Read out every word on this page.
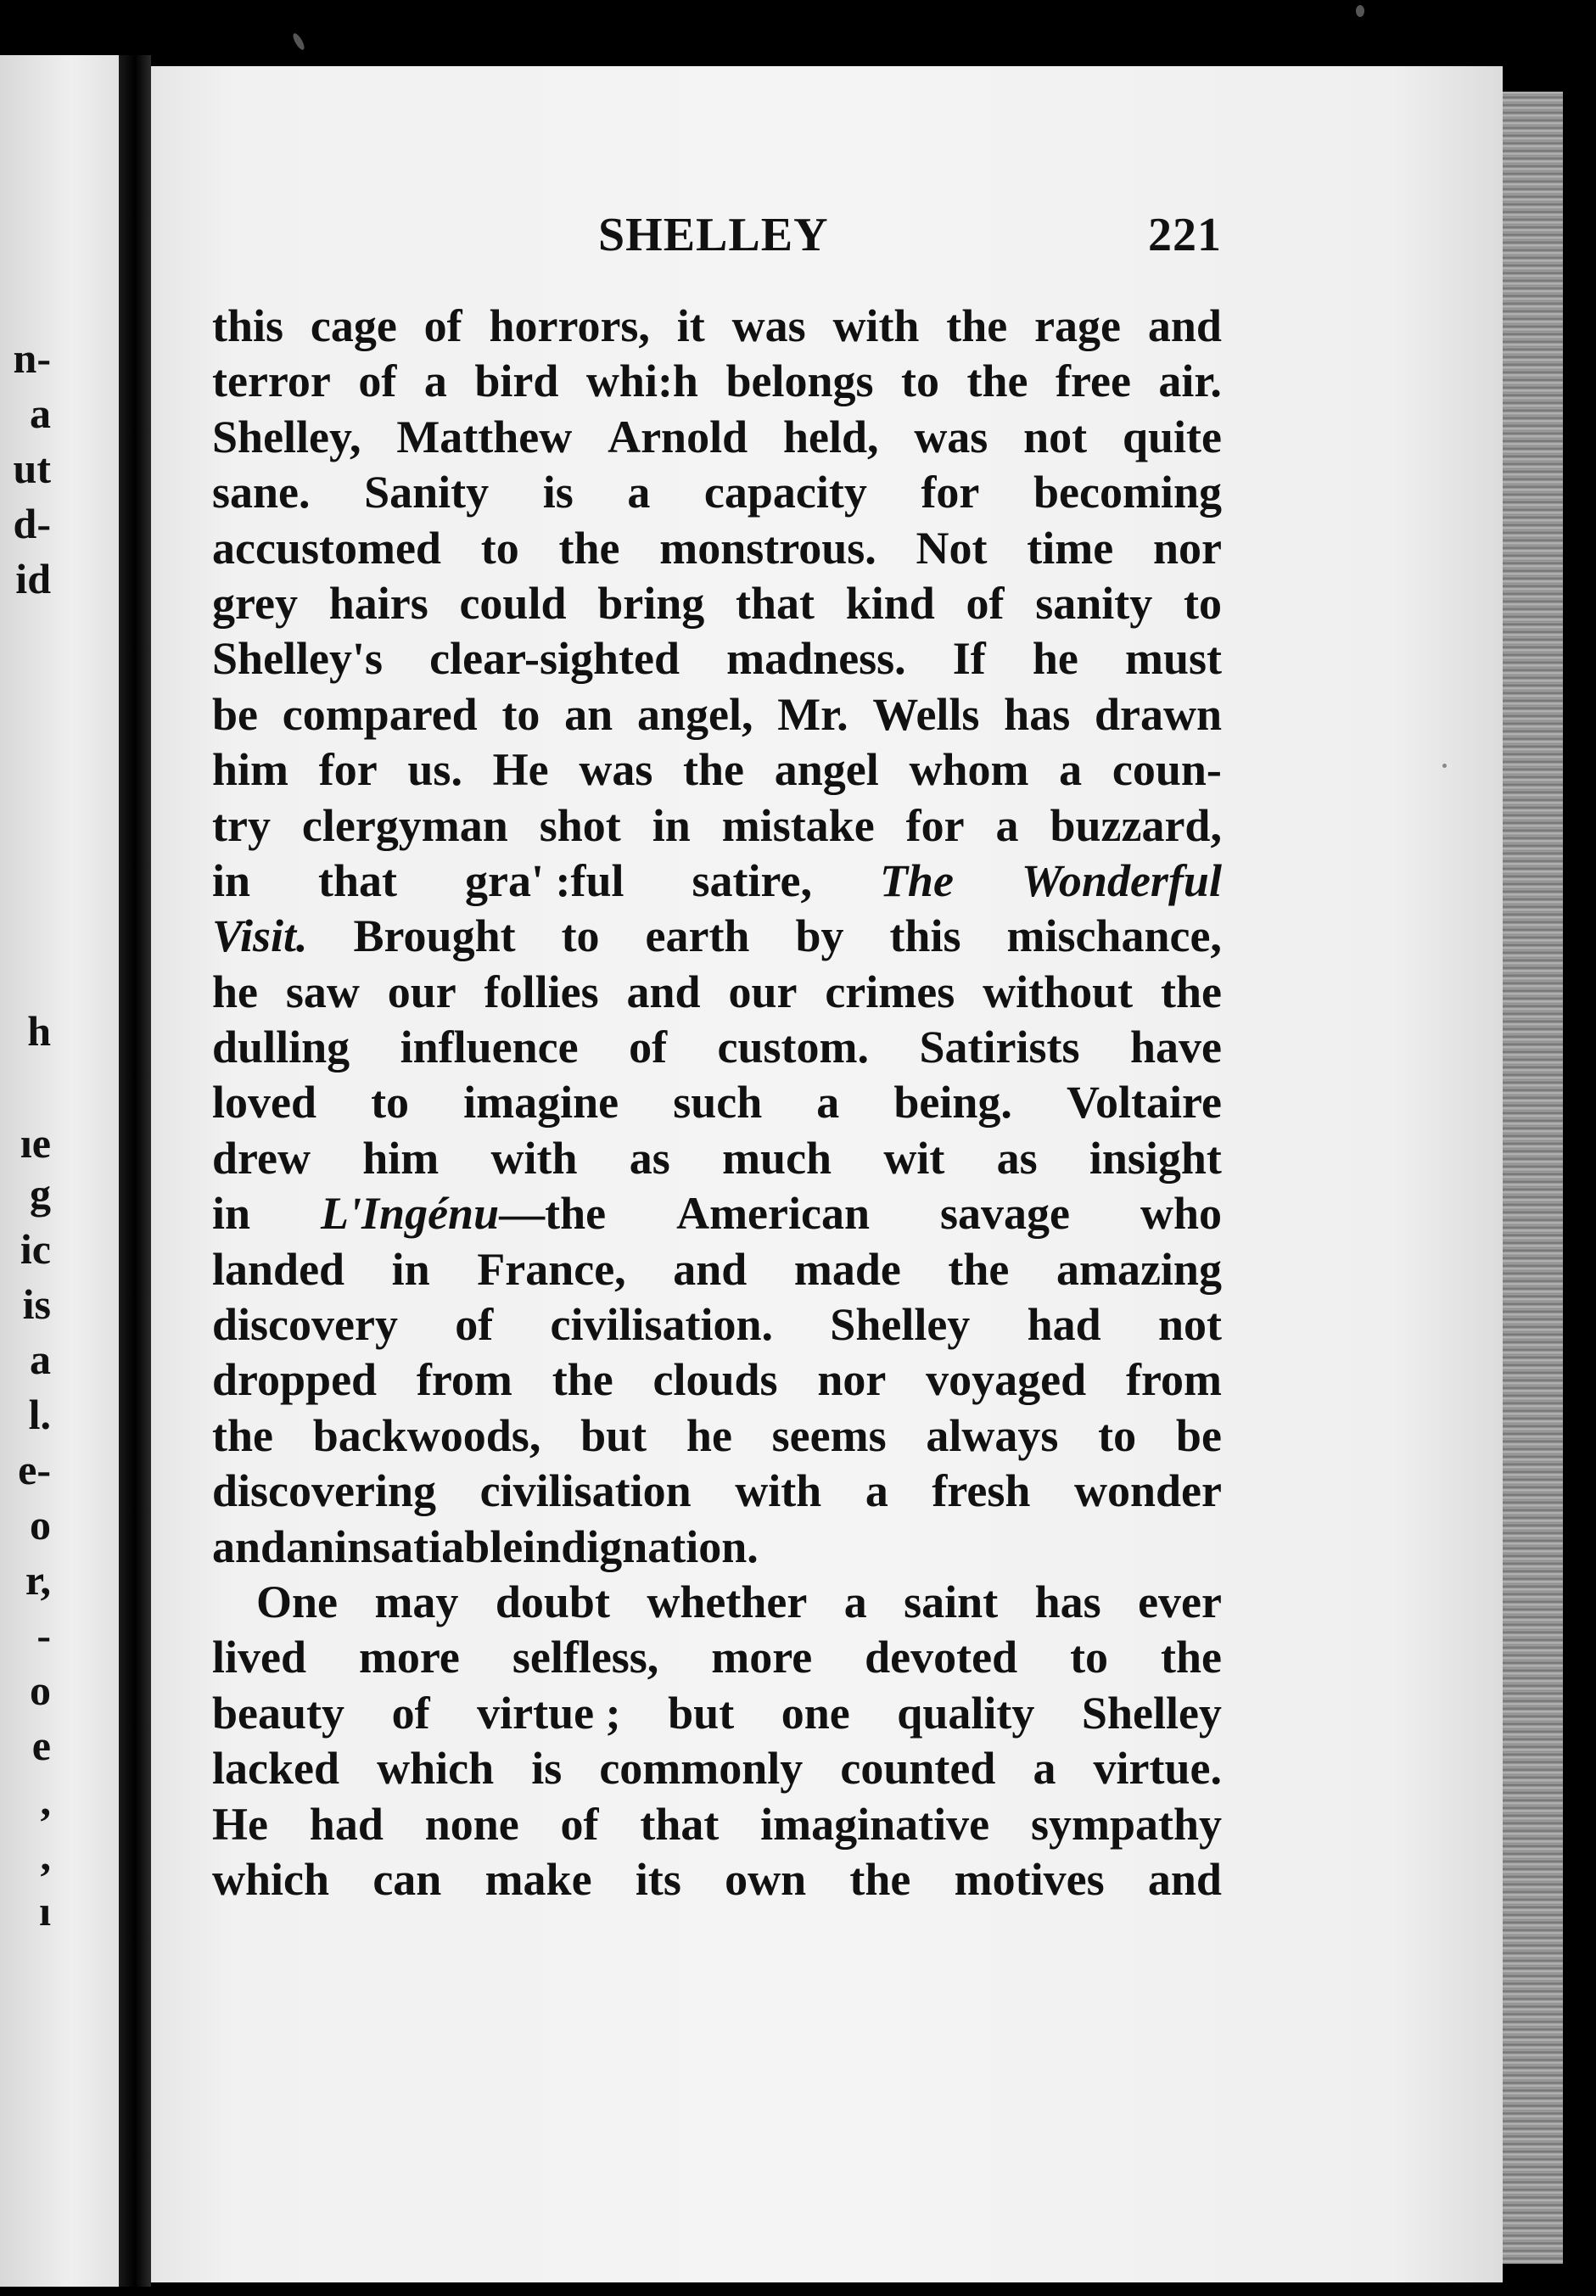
n-
a
ut
d-
id
h
ıe
g
ic
is
a
l.
e-
o
r,
-
o
e
,
,
ı
SHELLEY	221
this cage of horrors, it was with the rage and
terror of a bird whi:h belongs to the free air.
Shelley, Matthew Arnold held, was not quite
sane. Sanity is a capacity for becoming
accustomed to the monstrous. Not time nor
grey hairs could bring that kind of sanity to
Shelley's clear-sighted madness. If he must
be compared to an angel, Mr. Wells has drawn
him for us. He was the angel whom a coun-
try clergyman shot in mistake for a buzzard,
in that gra' :ful satire, The Wonderful
Visit. Brought to earth by this mischance,
he saw our follies and our crimes without the
dulling influence of custom. Satirists have
loved to imagine such a being. Voltaire
drew him with as much wit as insight
in L'Ingénu—the American savage who
landed in France, and made the amazing
discovery of civilisation. Shelley had not
dropped from the clouds nor voyaged from
the backwoods, but he seems always to be
discovering civilisation with a fresh wonder
and an insatiable indignation.
One may doubt whether a saint has ever
lived more selfless, more devoted to the
beauty of virtue ; but one quality Shelley
lacked which is commonly counted a virtue.
He had none of that imaginative sympathy
which can make its own the motives and
